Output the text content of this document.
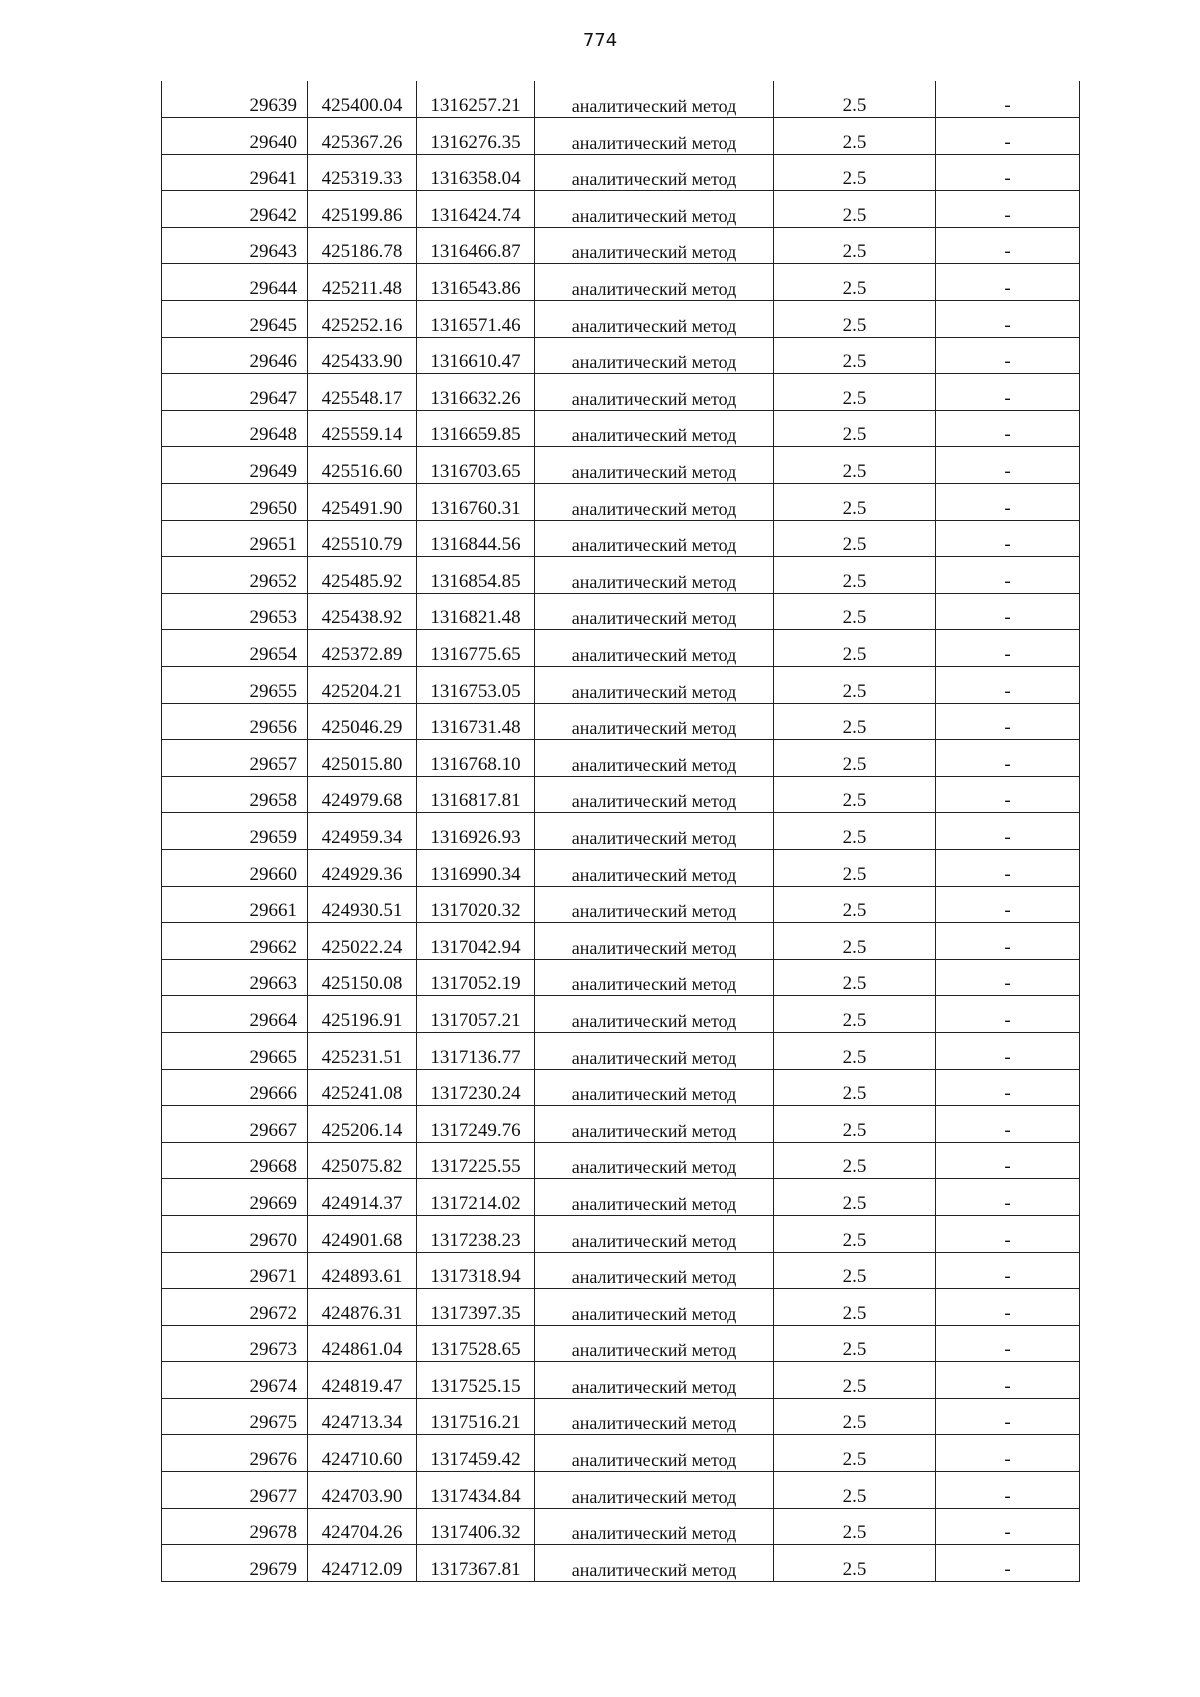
774
29639	425400.04	1316257.21	аналитический метод	2.5	-
29640	425367.26	1316276.35	аналитический метод	2.5	-
29641	425319.33	1316358.04	аналитический метод	2.5	-
29642	425199.86	1316424.74	аналитический метод	2.5	-
29643	425186.78	1316466.87	аналитический метод	2.5	-
29644	425211.48	1316543.86	аналитический метод	2.5	-
29645	425252.16	1316571.46	аналитический метод	2.5	-
29646	425433.90	1316610.47	аналитический метод	2.5	-
29647	425548.17	1316632.26	аналитический метод	2.5	-
29648	425559.14	1316659.85	аналитический метод	2.5	-
29649	425516.60	1316703.65	аналитический метод	2.5	-
29650	425491.90	1316760.31	аналитический метод	2.5	-
29651	425510.79	1316844.56	аналитический метод	2.5	-
29652	425485.92	1316854.85	аналитический метод	2.5	-
29653	425438.92	1316821.48	аналитический метод	2.5	-
29654	425372.89	1316775.65	аналитический метод	2.5	-
29655	425204.21	1316753.05	аналитический метод	2.5	-
29656	425046.29	1316731.48	аналитический метод	2.5	-
29657	425015.80	1316768.10	аналитический метод	2.5	-
29658	424979.68	1316817.81	аналитический метод	2.5	-
29659	424959.34	1316926.93	аналитический метод	2.5	-
29660	424929.36	1316990.34	аналитический метод	2.5	-
29661	424930.51	1317020.32	аналитический метод	2.5	-
29662	425022.24	1317042.94	аналитический метод	2.5	-
29663	425150.08	1317052.19	аналитический метод	2.5	-
29664	425196.91	1317057.21	аналитический метод	2.5	-
29665	425231.51	1317136.77	аналитический метод	2.5	-
29666	425241.08	1317230.24	аналитический метод	2.5	-
29667	425206.14	1317249.76	аналитический метод	2.5	-
29668	425075.82	1317225.55	аналитический метод	2.5	-
29669	424914.37	1317214.02	аналитический метод	2.5	-
29670	424901.68	1317238.23	аналитический метод	2.5	-
29671	424893.61	1317318.94	аналитический метод	2.5	-
29672	424876.31	1317397.35	аналитический метод	2.5	-
29673	424861.04	1317528.65	аналитический метод	2.5	-
29674	424819.47	1317525.15	аналитический метод	2.5	-
29675	424713.34	1317516.21	аналитический метод	2.5	-
29676	424710.60	1317459.42	аналитический метод	2.5	-
29677	424703.90	1317434.84	аналитический метод	2.5	-
29678	424704.26	1317406.32	аналитический метод	2.5	-
29679	424712.09	1317367.81	аналитический метод	2.5	-
